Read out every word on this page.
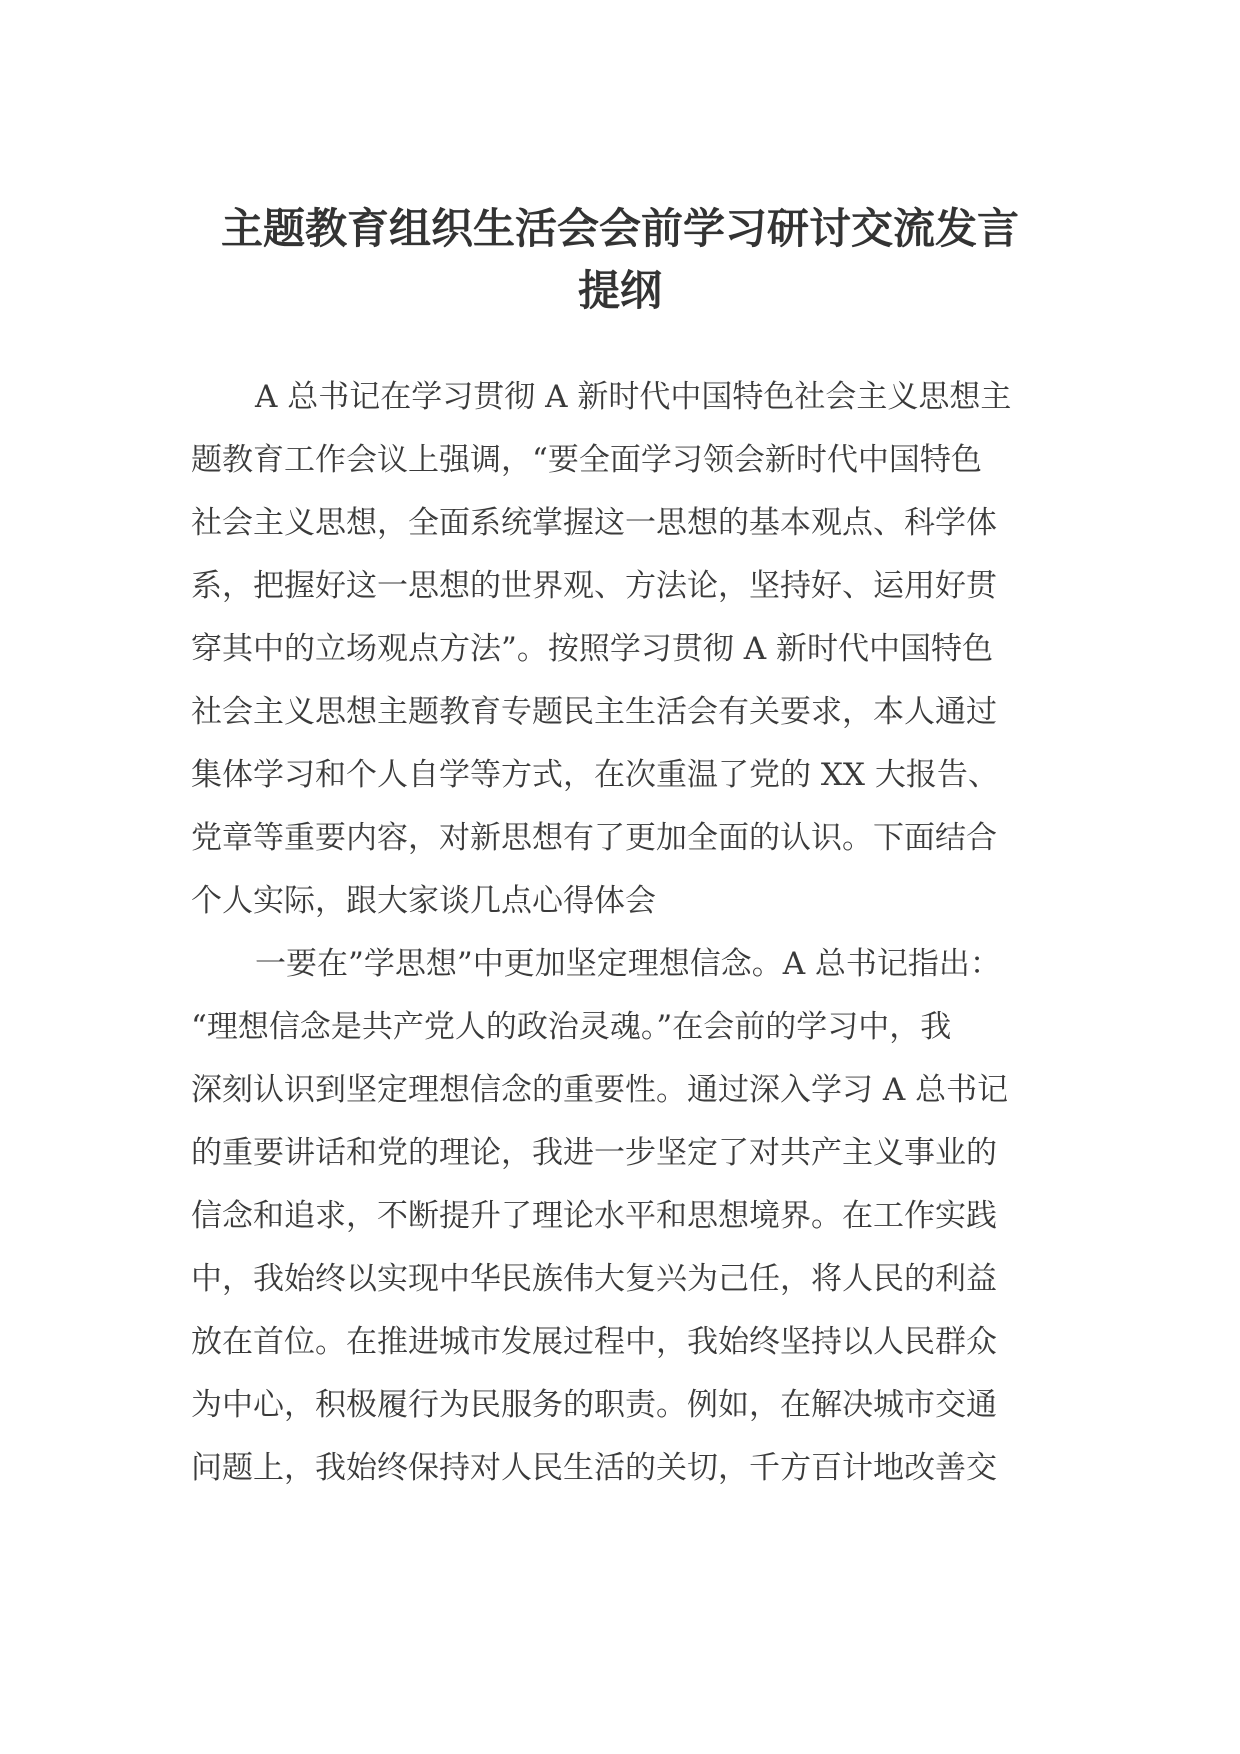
主题教育组织生活会会前学习研讨交流发言
提纲
A 总书记在学习贯彻 A 新时代中国特色社会主义思想主
题教育工作会议上强调，“要全面学习领会新时代中国特色
社会主义思想，全面系统掌握这一思想的基本观点、科学体
系，把握好这一思想的世界观、方法论，坚持好、运用好贯
穿其中的立场观点方法”。按照学习贯彻 A 新时代中国特色
社会主义思想主题教育专题民主生活会有关要求，本人通过
集体学习和个人自学等方式，在次重温了党的 XX 大报告、
党章等重要内容，对新思想有了更加全面的认识。下面结合
个人实际，跟大家谈几点心得体会
一要在”学思想”中更加坚定理想信念。A 总书记指出：
“理想信念是共产党人的政治灵魂。”在会前的学习中，我
深刻认识到坚定理想信念的重要性。通过深入学习 A 总书记
的重要讲话和党的理论，我进一步坚定了对共产主义事业的
信念和追求，不断提升了理论水平和思想境界。在工作实践
中，我始终以实现中华民族伟大复兴为己任，将人民的利益
放在首位。在推进城市发展过程中，我始终坚持以人民群众
为中心，积极履行为民服务的职责。例如，在解决城市交通
问题上，我始终保持对人民生活的关切，千方百计地改善交
